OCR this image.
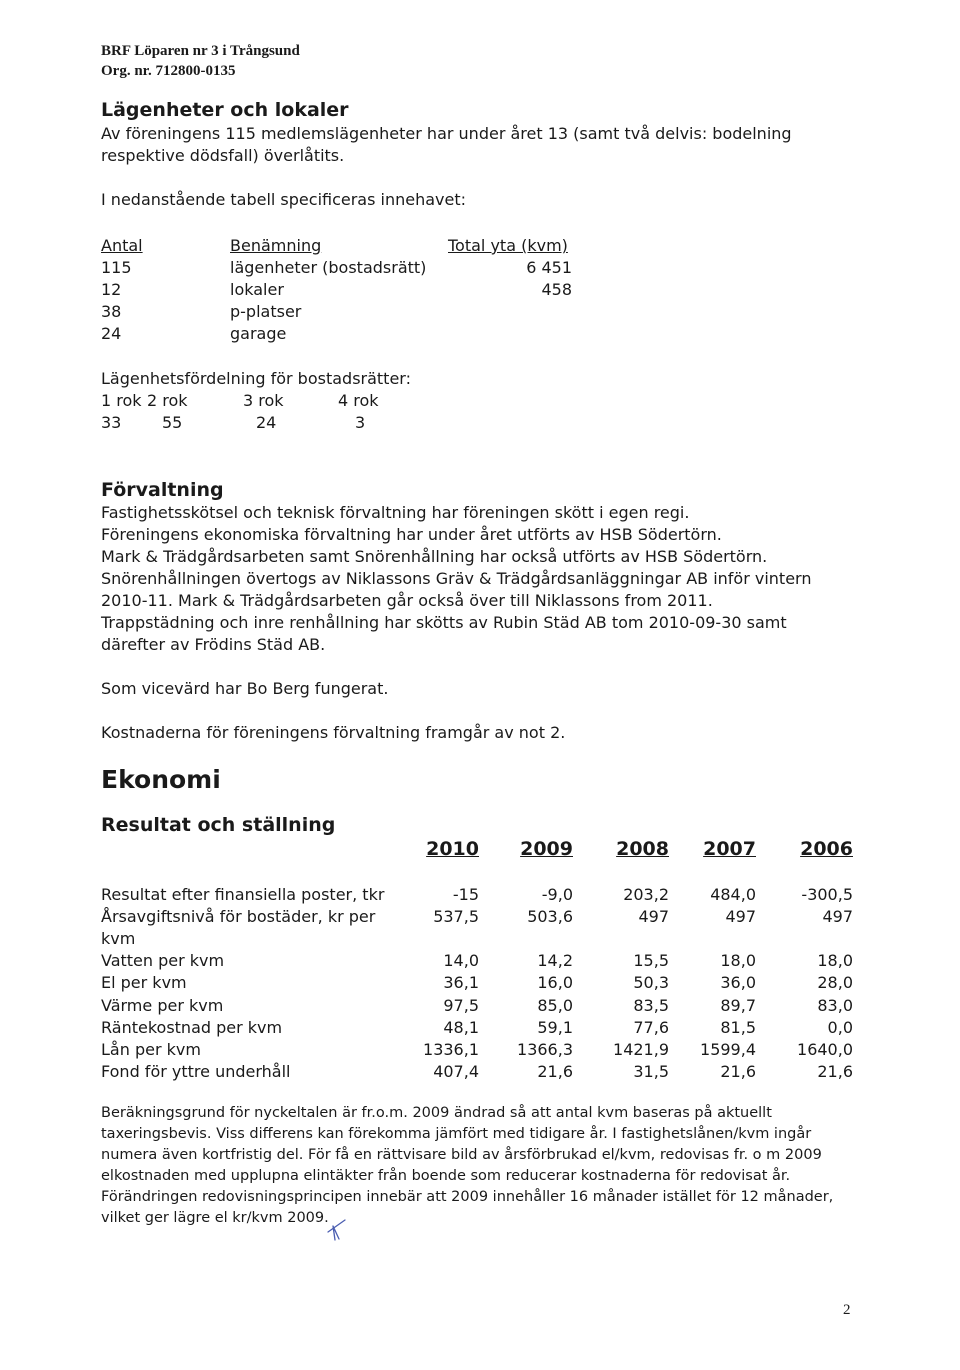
BRF Löparen nr 3 i Trångsund
Org. nr. 712800-0135
Lägenheter och lokaler
Av föreningens 115 medlemslägenheter har under året 13 (samt två delvis: bodelning
respektive dödsfall) överlåtits.
I nedanstående tabell specificeras innehavet:
Antal	Benämning	Total yta (kvm)
115	lägenheter (bostadsrätt)	6 451
12	lokaler	458
38	p-platser
24	garage
Lägenhetsfördelning för bostadsrätter:
1 rok 2 rok	3 rok	4 rok
33	55	24	3
Förvaltning
Fastighetsskötsel och teknisk förvaltning har föreningen skött i egen regi.
Föreningens ekonomiska förvaltning har under året utförts av HSB Södertörn.
Mark & Trädgårdsarbeten samt Snörenhållning har också utförts av HSB Södertörn.
Snörenhållningen övertogs av Niklassons Gräv & Trädgårdsanläggningar AB inför vintern
2010-11. Mark & Trädgårdsarbeten går också över till Niklassons from 2011.
Trappstädning och inre renhållning har skötts av Rubin Städ AB tom 2010-09-30 samt
därefter av Frödins Städ AB.
Som vicevärd har Bo Berg fungerat.
Kostnaderna för föreningens förvaltning framgår av not 2.
Ekonomi
Resultat och ställning
2010	2009	2008	2007	2006
Resultat efter finansiella poster, tkr	-15	-9,0	203,2	484,0	-300,5
Årsavgiftsnivå för bostäder, kr per	537,5	503,6	497	497	497
kvm
Vatten per kvm	14,0	14,2	15,5	18,0	18,0
El per kvm	36,1	16,0	50,3	36,0	28,0
Värme per kvm	97,5	85,0	83,5	89,7	83,0
Räntekostnad per kvm	48,1	59,1	77,6	81,5	0,0
Lån per kvm	1336,1	1366,3	1421,9	1599,4	1640,0
Fond för yttre underhåll	407,4	21,6	31,5	21,6	21,6
Beräkningsgrund för nyckeltalen är fr.o.m. 2009 ändrad så att antal kvm baseras på aktuellt
taxeringsbevis. Viss differens kan förekomma jämfört med tidigare år. I fastighetslånen/kvm ingår
numera även kortfristig del. För få en rättvisare bild av årsförbrukad el/kvm, redovisas fr. o m 2009
elkostnaden med upplupna elintäkter från boende som reducerar kostnaderna för redovisat år.
Förändringen redovisningsprincipen innebär att 2009 innehåller 16 månader istället för 12 månader,
vilket ger lägre el kr/kvm 2009.
2
